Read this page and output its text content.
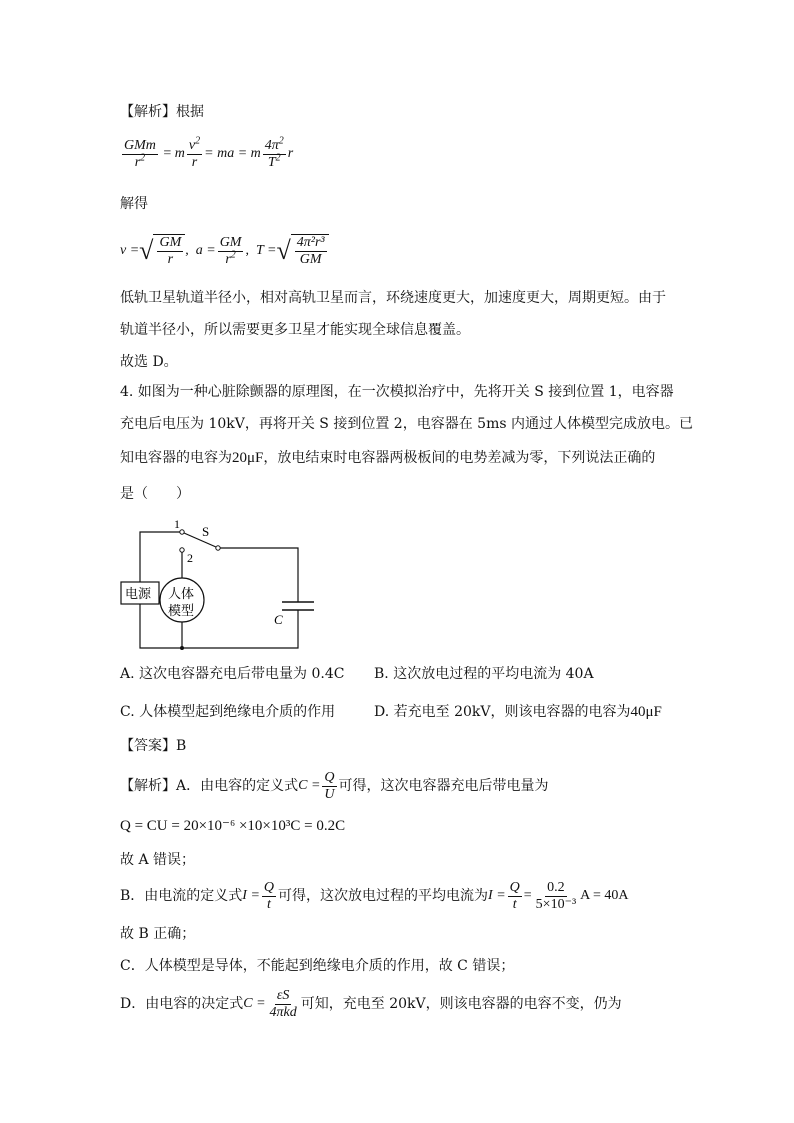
【解析】根据
$\frac{\text{GMm}}{r^2} = m \frac{v^2}{r}$ = ma = m $\frac{4\pi^2}{T^2}$ r
解得
v = √ $\frac{GM}{r}$ , $a = \frac{GM}{r^2}$ , T = √ $\frac{\text{4π²r³}}{GM}$
低轨卫星轨道半径小，相对高轨卫星而言，环绕速度更大，加速度更大，周期更短。由于
轨道半径小，所以需要更多卫星才能实现全球信息覆盖。
故选 D。
4. 如图为一种心脏除颤器的原理图，在一次模拟治疗中，先将开关 S 接到位置 1，电容器
充电后电压为 10kV，再将开关 S 接到位置 2，电容器在 5ms 内通过人体模型完成放电。已
知电容器的电容为20μF，放电结束时电容器两极板间的电势差减为零，下列说法正确的
是（　　）
1
2
S
电源 人体
模型
C
A. 这次电容器充电后带电量为 0.4C B. 这次放电过程的平均电流为 40A
C. 人体模型起到绝缘电介质的作用	D. 若充电至 20kV，则该电容器的电容为40μF
【答案】B
【解析】 A．由电容的定义式 $C = \frac{Q}{U}$ 可得，这次电容器充电后带电量为
Q = CU = 20×10⁻⁶ ×10×10³C = 0.2C
故 A 错误；
B．由电流的定义式 $I = \frac{Q}{t}$ 可得，这次放电过程的平均电流为 $I = \frac{Q}{t} = \frac{0.2}{\text{5×10⁻³}}$ A = 40A
故 B 正确；
C．人体模型是导体，不能起到绝缘电介质的作用，故 C 错误；
D．由电容的决定式 $C = \frac{\varepsilon S}{\text{4πkd}}$ 可知，充电至 20kV，则该电容器的电容不变，仍为
